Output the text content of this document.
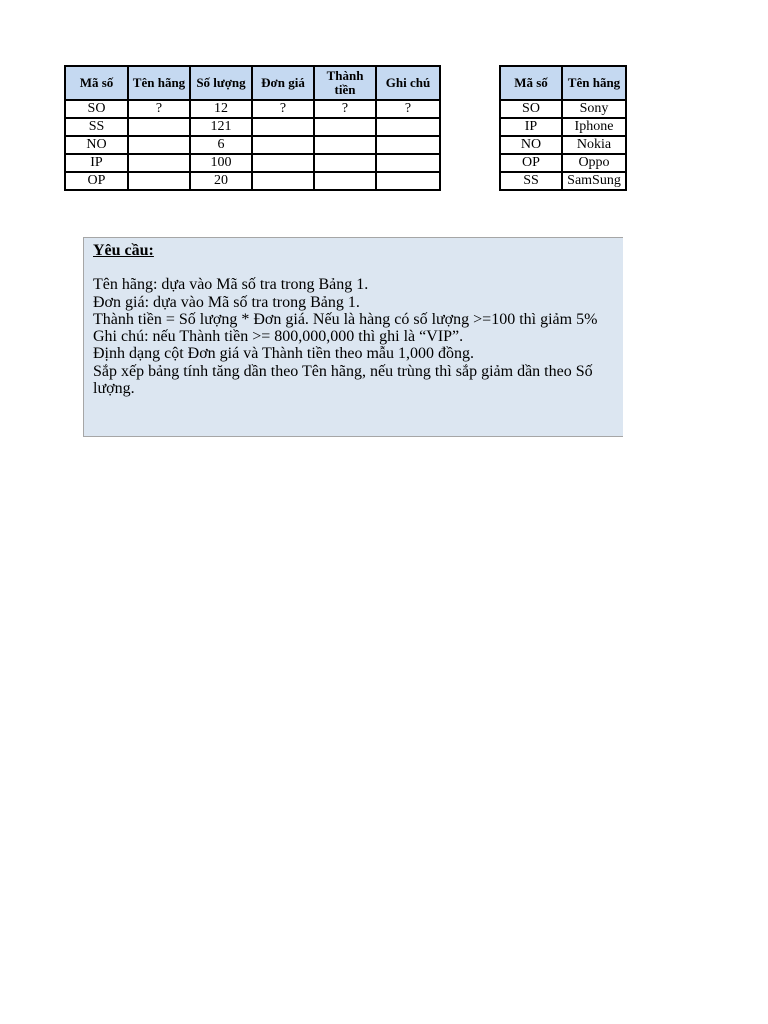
Mã số	Tên hãng	Số lượng	Đơn giá	Thành tiền	Ghi chú
SO	?	12	?	?	?
SS		121			
NO		6			
IP		100			
OP		20			
Mã số	Tên hãng
SO	Sony
IP	Iphone
NO	Nokia
OP	Oppo
SS	SamSung
Yêu cầu:
Tên hãng: dựa vào Mã số tra trong Bảng 1.
Đơn giá: dựa vào Mã số tra trong Bảng 1.
Thành tiền = Số lượng * Đơn giá. Nếu là hàng có số lượng >=100 thì giảm 5%
Ghi chú: nếu Thành tiền >= 800,000,000 thì ghi là “VIP”.
Định dạng cột Đơn giá và Thành tiền theo mẫu 1,000 đồng.
Sắp xếp bảng tính tăng dần theo Tên hãng, nếu trùng thì sắp giảm dần theo Số lượng.
